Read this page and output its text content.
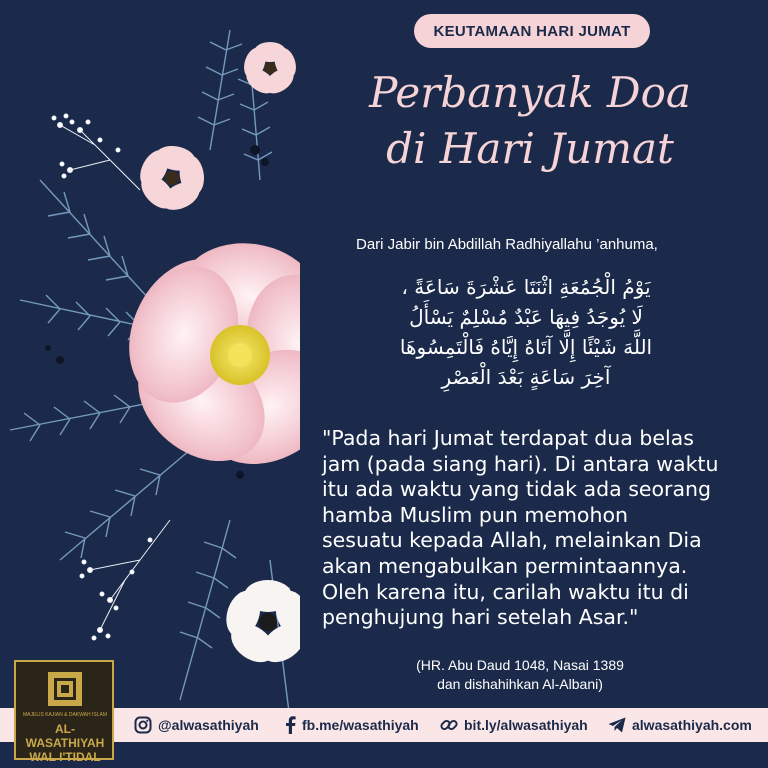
KEUTAMAAN HARI JUMAT
Perbanyak Doa
di Hari Jumat
Dari Jabir bin Abdillah Radhiyallahu ’anhuma,
يَوْمُ الْجُمُعَةِ اثْنَتَا عَشْرَةَ سَاعَةً ،
لَا يُوجَدُ فِيهَا عَبْدٌ مُسْلِمٌ يَسْأَلُ
اللَّهَ شَيْئًا إِلَّا آتَاهُ إِيَّاهُ فَالْتَمِسُوهَا
آخِرَ سَاعَةٍ بَعْدَ الْعَصْرِ
"Pada hari Jumat terdapat dua belas
jam (pada siang hari). Di antara waktu
itu ada waktu yang tidak ada seorang
hamba Muslim pun memohon
sesuatu kepada Allah, melainkan Dia
akan mengabulkan permintaannya.
Oleh karena itu, carilah waktu itu di
penghujung hari setelah Asar."
(HR. Abu Daud 1048, Nasai 1389
dan dishahihkan Al-Albani)
@alwasathiyah	fb.me/wasathiyah	bit.ly/alwasathiyah	alwasathiyah.com
MAJELIS KAJIAN & DAKWAH ISLAM
AL-WASATHIYAH
WAL I'TIDAL
